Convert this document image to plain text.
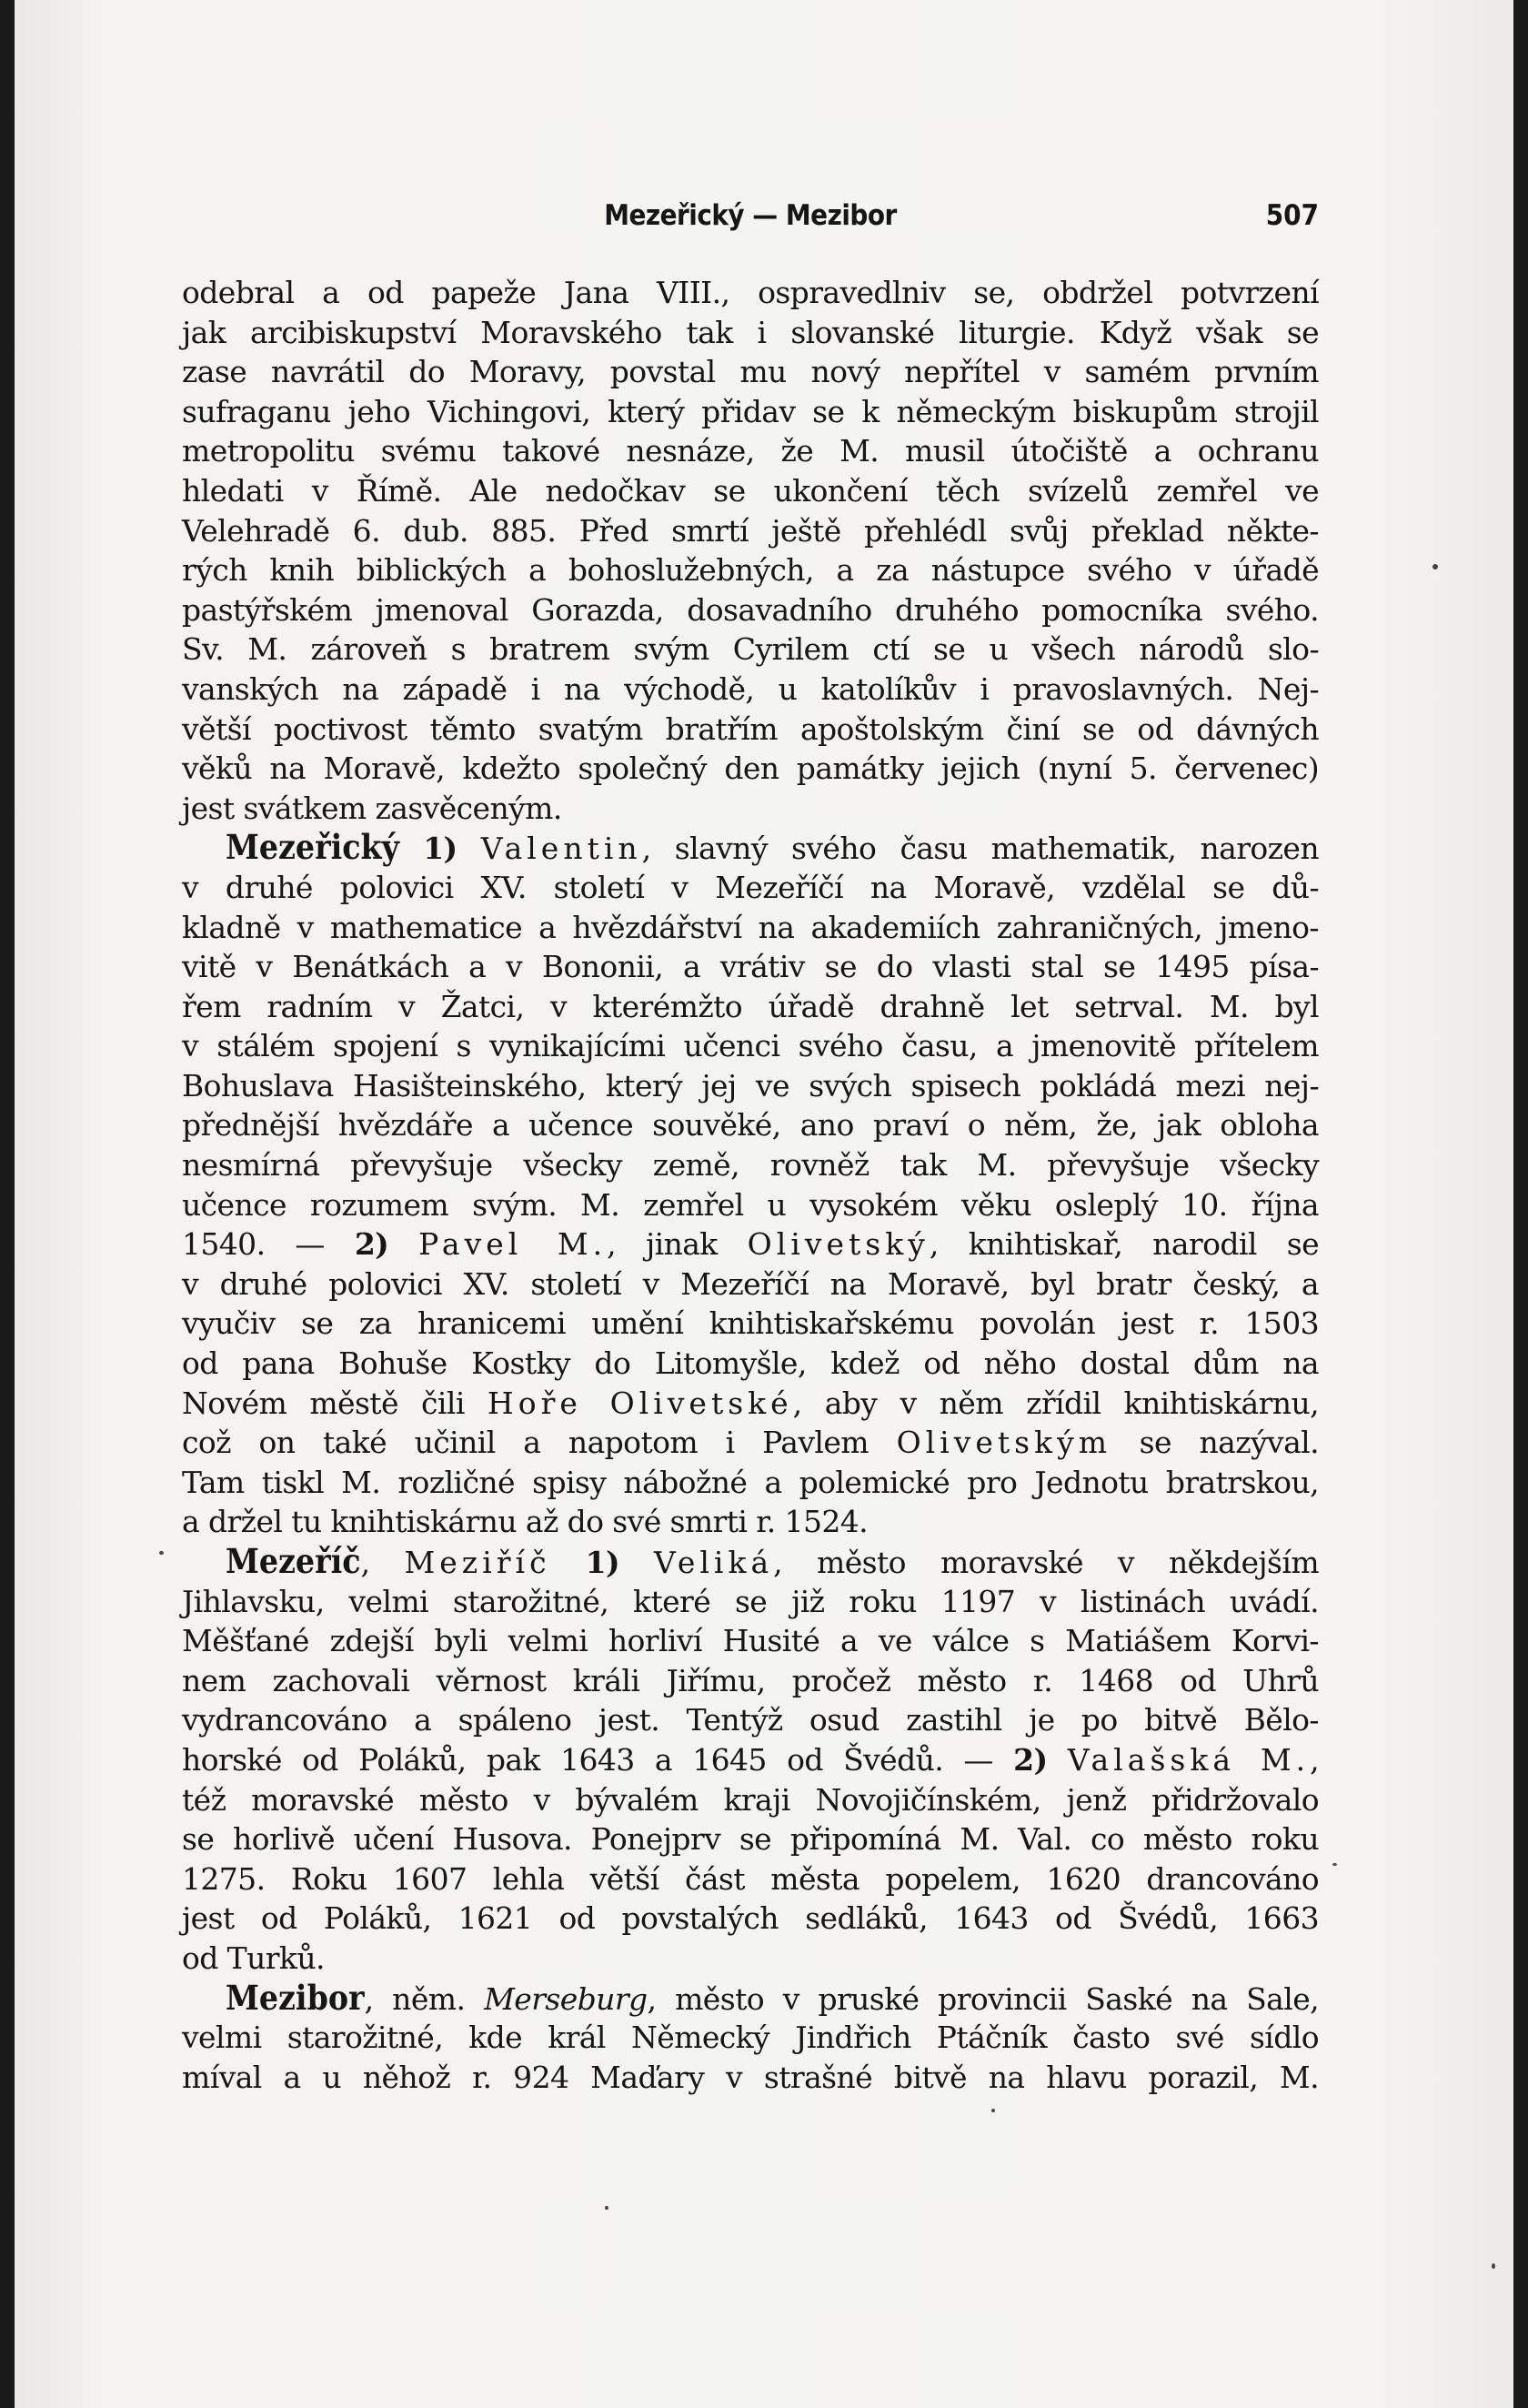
Mezeřický — Mezibor	507
odebral a od papeže Jana VIII., ospravedlniv se, obdržel potvrzení
jak arcibiskupství Moravského tak i slovanské liturgie. Když však se
zase navrátil do Moravy, povstal mu nový nepřítel v samém prvním
sufraganu jeho Vichingovi, který přidav se k německým biskupům strojil
metropolitu svému takové nesnáze, že M. musil útočiště a ochranu
hledati v Římě. Ale nedočkav se ukončení těch svízelů zemřel ve
Velehradě 6. dub. 885. Před smrtí ještě přehlédl svůj překlad někte-
rých knih biblických a bohoslužebných, a za nástupce svého v úřadě
pastýřském jmenoval Gorazda, dosavadního druhého pomocníka svého.
Sv. M. zároveň s bratrem svým Cyrilem ctí se u všech národů slo-
vanských na západě i na východě, u katolíkův i pravoslavných. Nej-
větší poctivost těmto svatým bratřím apoštolským činí se od dávných
věků na Moravě, kdežto společný den památky jejich (nyní 5. červenec)
jest svátkem zasvěceným.
Mezeřický 1) Valentin, slavný svého času mathematik, narozen
v druhé polovici XV. století v Mezeříčí na Moravě, vzdělal se dů-
kladně v mathematice a hvězdářství na akademiích zahraničných, jmeno-
vitě v Benátkách a v Bononii, a vrátiv se do vlasti stal se 1495 písa-
řem radním v Žatci, v kterémžto úřadě drahně let setrval. M. byl
v stálém spojení s vynikajícími učenci svého času, a jmenovitě přítelem
Bohuslava Hasišteinského, který jej ve svých spisech pokládá mezi nej-
přednější hvězdáře a učence souvěké, ano praví o něm, že, jak obloha
nesmírná převyšuje všecky země, rovněž tak M. převyšuje všecky
učence rozumem svým. M. zemřel u vysokém věku osleplý 10. října
1540. — 2) Pavel M., jinak Olivetský, knihtiskař, narodil se
v druhé polovici XV. století v Mezeříčí na Moravě, byl bratr český, a
vyučiv se za hranicemi umění knihtiskařskému povolán jest r. 1503
od pana Bohuše Kostky do Litomyšle, kdež od něho dostal dům na
Novém městě čili Hoře Olivetské, aby v něm zřídil knihtiskárnu,
což on také učinil a napotom i Pavlem Olivetským se nazýval.
Tam tiskl M. rozličné spisy nábožné a polemické pro Jednotu bratrskou,
a držel tu knihtiskárnu až do své smrti r. 1524.
Mezeříč, Meziříč 1) Veliká, město moravské v někdejším
Jihlavsku, velmi starožitné, které se již roku 1197 v listinách uvádí.
Měšťané zdejší byli velmi horliví Husité a ve válce s Matiášem Korvi-
nem zachovali věrnost králi Jiřímu, pročež město r. 1468 od Uhrů
vydrancováno a spáleno jest. Tentýž osud zastihl je po bitvě Bělo-
horské od Poláků, pak 1643 a 1645 od Švédů. — 2) Valašská M.,
též moravské město v bývalém kraji Novojičínském, jenž přidržovalo
se horlivě učení Husova. Ponejprv se připomíná M. Val. co město roku
1275. Roku 1607 lehla větší část města popelem, 1620 drancováno
jest od Poláků, 1621 od povstalých sedláků, 1643 od Švédů, 1663
od Turků.
Mezibor, něm. Merseburg, město v pruské provincii Saské na Sale,
velmi starožitné, kde král Německý Jindřich Ptáčník často své sídlo
míval a u něhož r. 924 Maďary v strašné bitvě na hlavu porazil, M.
